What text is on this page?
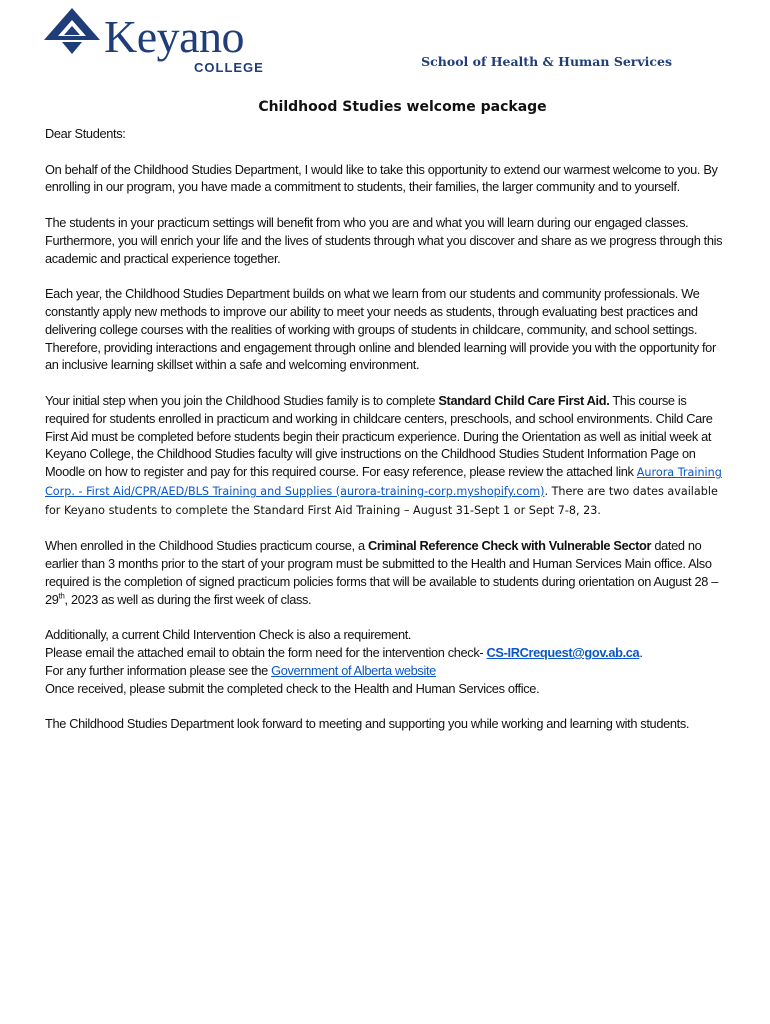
Keyano
COLLEGE	School of Health & Human Services
Childhood Studies welcome package

Dear Students:

On behalf of the Childhood Studies Department, I would like to take this opportunity to extend our warmest welcome to you. By enrolling in our program, you have made a commitment to students, their families, the larger community and to yourself.

The students in your practicum settings will benefit from who you are and what you will learn during our engaged classes. Furthermore, you will enrich your life and the lives of students through what you discover and share as we progress through this academic and practical experience together.

Each year, the Childhood Studies Department builds on what we learn from our students and community professionals. We constantly apply new methods to improve our ability to meet your needs as students, through evaluating best practices and delivering college courses with the realities of working with groups of students in childcare, community, and school settings. Therefore, providing interactions and engagement through online and blended learning will provide you with the opportunity for an inclusive learning skillset within a safe and welcoming environment.

Your initial step when you join the Childhood Studies family is to complete Standard Child Care First Aid. This course is required for students enrolled in practicum and working in childcare centers, preschools, and school environments. Child Care First Aid must be completed before students begin their practicum experience. During the Orientation as well as initial week at Keyano College, the Childhood Studies faculty will give instructions on the Childhood Studies Student Information Page on Moodle on how to register and pay for this required course. For easy reference, please review the attached link Aurora Training Corp. - First Aid/CPR/AED/BLS Training and Supplies (aurora-training-corp.myshopify.com). There are two dates available for Keyano students to complete the Standard First Aid Training – August 31-Sept 1 or Sept 7-8, 23.

When enrolled in the Childhood Studies practicum course, a Criminal Reference Check with Vulnerable Sector dated no earlier than 3 months prior to the start of your program must be submitted to the Health and Human Services Main office. Also required is the completion of signed practicum policies forms that will be available to students during orientation on August 28 – 29th, 2023 as well as during the first week of class.

Additionally, a current Child Intervention Check is also a requirement.
Please email the attached email to obtain the form need for the intervention check- CS-IRCrequest@gov.ab.ca.
For any further information please see the Government of Alberta website
Once received, please submit the completed check to the Health and Human Services office.

The Childhood Studies Department look forward to meeting and supporting you while working and learning with students.
